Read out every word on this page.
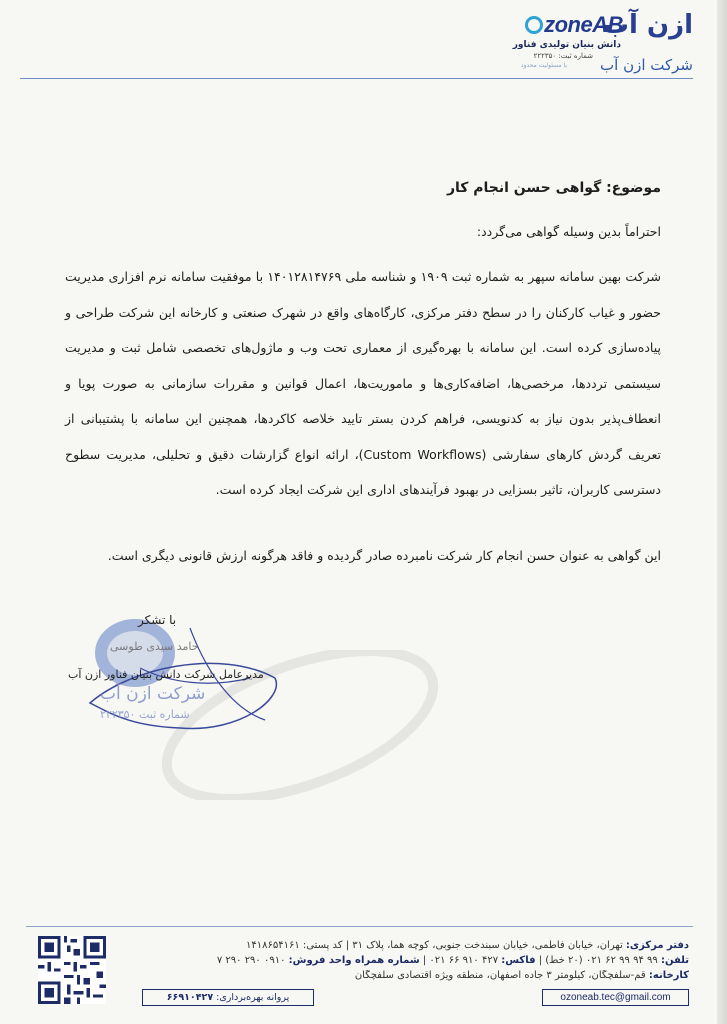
ازن آب
zoneAB
دانش بنیان تولیدی فناور
شماره ثبت: ۲۲۲۳۵۰ شرکت ازن آب
با مسئولیت محدود
موضوع: گواهی حسن انجام کار
احتراماً بدین وسیله گواهی می‌گردد:
شرکت بهین سامانه سپهر به شماره ثبت ۱۹۰۹ و شناسه ملی ۱۴۰۱۲۸۱۴۷۶۹ با موفقیت سامانه نرم افزاری مدیریت حضور و غیاب کارکنان را در سطح دفتر مرکزی، کارگاه‌های واقع در شهرک صنعتی و کارخانه این شرکت طراحی و پیاده‌سازی کرده است. این سامانه با بهره‌گیری از معماری تحت وب و ماژول‌های تخصصی شامل ثبت و مدیریت سیستمی ترددها، مرخصی‌ها، اضافه‌کاری‌ها و ماموریت‌ها، اعمال قوانین و مقررات سازمانی به صورت پویا و انعطاف‌پذیر بدون نیاز به کدنویسی، فراهم کردن بستر تایید خلاصه کاکردها، همچنین این سامانه با پشتیبانی از تعریف گردش کارهای سفارشی (Custom Workflows)، ارائه انواع گزارشات دقیق و تحلیلی، مدیریت سطوح دسترسی کاربران، تاثیر بسزایی در بهبود فرآیندهای اداری این شرکت ایجاد کرده است.
این گواهی به عنوان حسن انجام کار شرکت نامبرده صادر گردیده و فاقد هرگونه ارزش قانونی دیگری است.
شرکت ازن آب
شماره ثبت ۲۲۲۳۵۰
با تشکر
حامد سیدی طوسی
مدیرعامل شرکت دانش بنیان فناور ازن آب
دفتر مرکزی: تهران، خیابان فاطمی، خیابان سبندخت جنوبی، کوچه هما، پلاک ۳۱ | کد پستی: ۱۴۱۸۶۵۴۱۶۱
تلفن: ۹۹ ۹۴ ۹۹ ۶۲ ۰۲۱ (۲۰ خط) | فاکس: ۴۲۷ ۹۱۰ ۶۶ ۰۲۱ | شماره همراه واحد فروش: ۰۹۱۰ ۲۹۰ ۲۹۰ ۷
کارخانه: قم-سلفچگان، کیلومتر ۳ جاده اصفهان، منطقه ویژه اقتصادی سلفچگان
ozoneab.tec@gmail.com
پروانه بهره‌برداری: ۶۶۹۱۰۴۲۷
